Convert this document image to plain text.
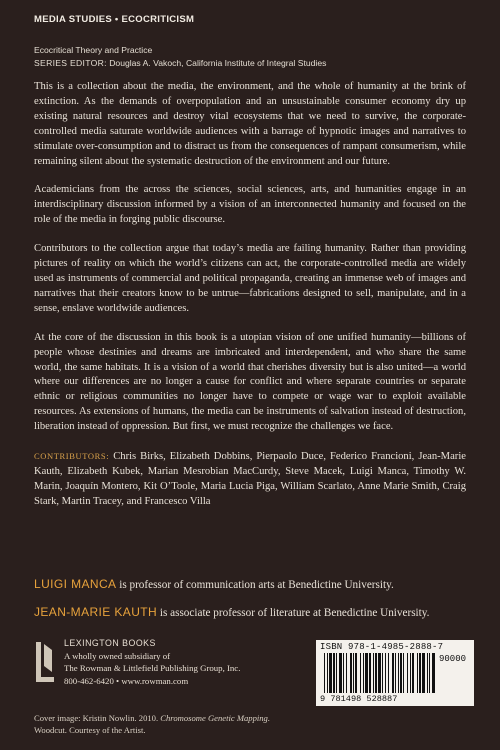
MEDIA STUDIES • ECOCRITICISM
Ecocritical Theory and Practice
SERIES EDITOR: Douglas A. Vakoch, California Institute of Integral Studies

This is a collection about the media, the environment, and the whole of humanity at the brink of extinction. As the demands of overpopulation and an unsustainable consumer economy dry up existing natural resources and destroy vital ecosystems that we need to survive, the corporate-controlled media saturate worldwide audiences with a barrage of hypnotic images and narratives to stimulate over-consumption and to distract us from the consequences of rampant consumerism, while remaining silent about the systematic destruction of the environment and our future.

Academicians from the across the sciences, social sciences, arts, and humanities engage in an interdisciplinary discussion informed by a vision of an interconnected humanity and focused on the role of the media in forging public discourse.

Contributors to the collection argue that today’s media are failing humanity. Rather than providing pictures of reality on which the world’s citizens can act, the corporate-controlled media are widely used as instruments of commercial and political propaganda, creating an immense web of images and narratives that their creators know to be untrue—fabrications designed to sell, manipulate, and in a sense, enslave worldwide audiences.

At the core of the discussion in this book is a utopian vision of one unified humanity—billions of people whose destinies and dreams are imbricated and interdependent, and who share the same world, the same habitats. It is a vision of a world that cherishes diversity but is also united—a world where our differences are no longer a cause for conflict and where separate countries or separate ethnic or religious communities no longer have to compete or wage war to exploit available resources. As extensions of humans, the media can be instruments of salvation instead of destruction, liberation instead of oppression. But first, we must recognize the challenges we face.

CONTRIBUTORS: Chris Birks, Elizabeth Dobbins, Pierpaolo Duce, Federico Francioni, Jean-Marie Kauth, Elizabeth Kubek, Marian Mesrobian MacCurdy, Steve Macek, Luigi Manca, Timothy W. Marin, Joaquín Montero, Kit O’Toole, Maria Lucia Piga, William Scarlato, Anne Marie Smith, Craig Stark, Martin Tracey, and Francesco Villa

LUIGI MANCA is professor of communication arts at Benedictine University.
JEAN-MARIE KAUTH is associate professor of literature at Benedictine University.
LEXINGTON BOOKS
A wholly owned subsidiary of
The Rowman & Littlefield Publishing Group, Inc.
800-462-6420 • www.rowman.com
ISBN 978-1-4985-2888-7
90000
9 781498 528887
Cover image: Kristin Nowlin. 2010. Chromosome Genetic Mapping.
Woodcut. Courtesy of the Artist.
